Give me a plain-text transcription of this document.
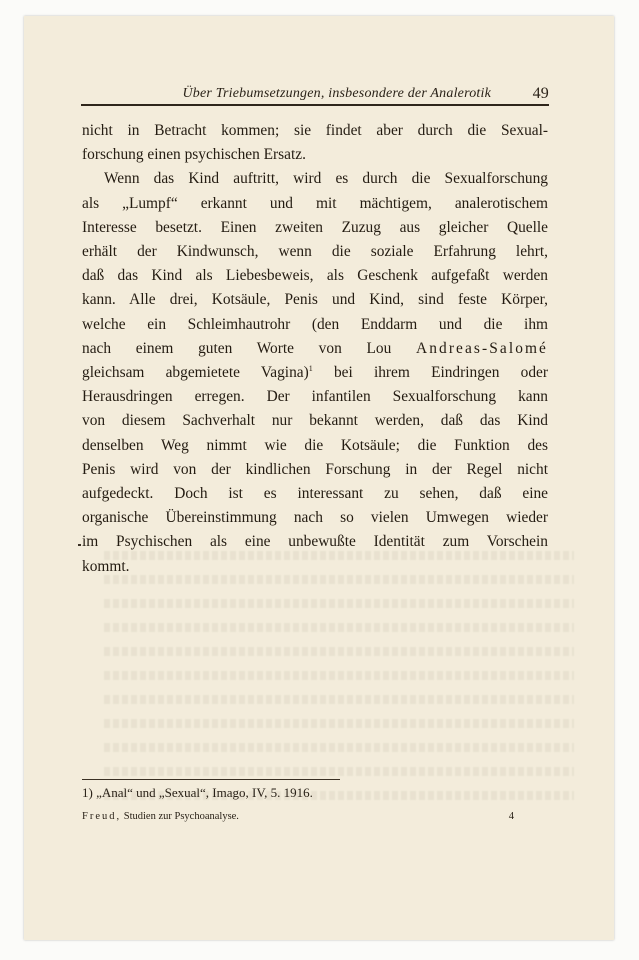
Über Triebumsetzungen, insbesondere der Analerotik	49

nicht in Betracht kommen; sie findet aber durch die Sexual-
forschung einen psychischen Ersatz.

Wenn das Kind auftritt, wird es durch die Sexualforschung
als „Lumpf“ erkannt und mit mächtigem, analerotischem
Interesse besetzt. Einen zweiten Zuzug aus gleicher Quelle
erhält der Kindwunsch, wenn die soziale Erfahrung lehrt,
daß das Kind als Liebesbeweis, als Geschenk aufgefaßt werden
kann. Alle drei, Kotsäule, Penis und Kind, sind feste Körper,
welche ein Schleimhautrohr (den Enddarm und die ihm
nach einem guten Worte von Lou Andreas-Salomé
gleichsam abgemietete Vagina)$^1$ bei ihrem Eindringen oder
Herausdringen erregen. Der infantilen Sexualforschung kann
von diesem Sachverhalt nur bekannt werden, daß das Kind
denselben Weg nimmt wie die Kotsäule; die Funktion des
Penis wird von der kindlichen Forschung in der Regel nicht
aufgedeckt. Doch ist es interessant zu sehen, daß eine
organische Übereinstimmung nach so vielen Umwegen wieder
im Psychischen als eine unbewußte Identität zum Vorschein
kommt.

1) „Anal“ und „Sexual“, Imago, IV, 5. 1916.
Freud, Studien zur Psychoanalyse.	4
